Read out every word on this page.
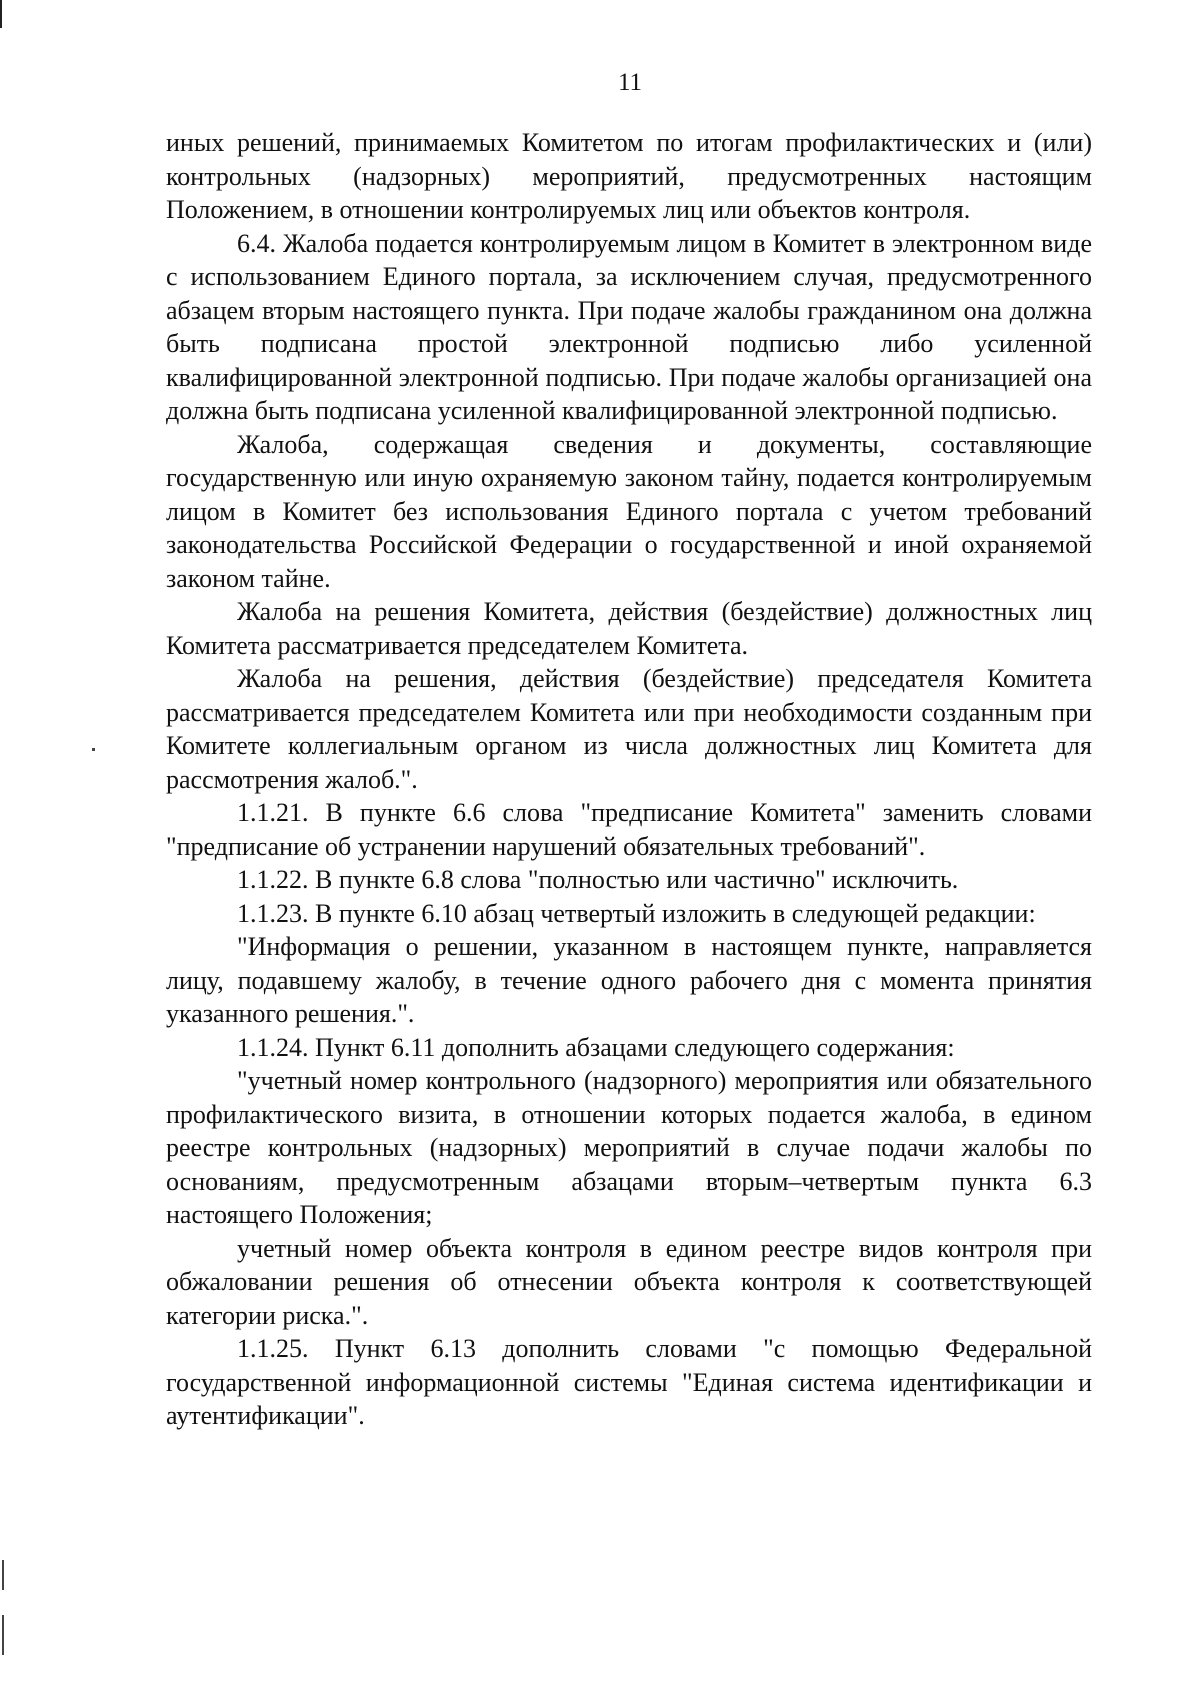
11

иных решений, принимаемых Комитетом по итогам профилактических и (или) контрольных (надзорных) мероприятий, предусмотренных настоящим Положением, в отношении контролируемых лиц или объектов контроля.

6.4. Жалоба подается контролируемым лицом в Комитет в электронном виде с использованием Единого портала, за исключением случая, предусмотренного абзацем вторым настоящего пункта. При подаче жалобы гражданином она должна быть подписана простой электронной подписью либо усиленной квалифицированной электронной подписью. При подаче жалобы организацией она должна быть подписана усиленной квалифицированной электронной подписью.

Жалоба, содержащая сведения и документы, составляющие государственную или иную охраняемую законом тайну, подается контролируемым лицом в Комитет без использования Единого портала с учетом требований законодательства Российской Федерации о государственной и иной охраняемой законом тайне.

Жалоба на решения Комитета, действия (бездействие) должностных лиц Комитета рассматривается председателем Комитета.

Жалоба на решения, действия (бездействие) председателя Комитета рассматривается председателем Комитета или при необходимости созданным при Комитете коллегиальным органом из числа должностных лиц Комитета для рассмотрения жалоб.".

1.1.21. В пункте 6.6 слова "предписание Комитета" заменить словами "предписание об устранении нарушений обязательных требований".

1.1.22. В пункте 6.8 слова "полностью или частично" исключить.

1.1.23. В пункте 6.10 абзац четвертый изложить в следующей редакции:

"Информация о решении, указанном в настоящем пункте, направляется лицу, подавшему жалобу, в течение одного рабочего дня с момента принятия указанного решения.".

1.1.24. Пункт 6.11 дополнить абзацами следующего содержания:

"учетный номер контрольного (надзорного) мероприятия или обязательного профилактического визита, в отношении которых подается жалоба, в едином реестре контрольных (надзорных) мероприятий в случае подачи жалобы по основаниям, предусмотренным абзацами вторым–четвертым пункта 6.3 настоящего Положения;

учетный номер объекта контроля в едином реестре видов контроля при обжаловании решения об отнесении объекта контроля к соответствующей категории риска.".

1.1.25. Пункт 6.13 дополнить словами "с помощью Федеральной государственной информационной системы "Единая система идентификации и аутентификации".
